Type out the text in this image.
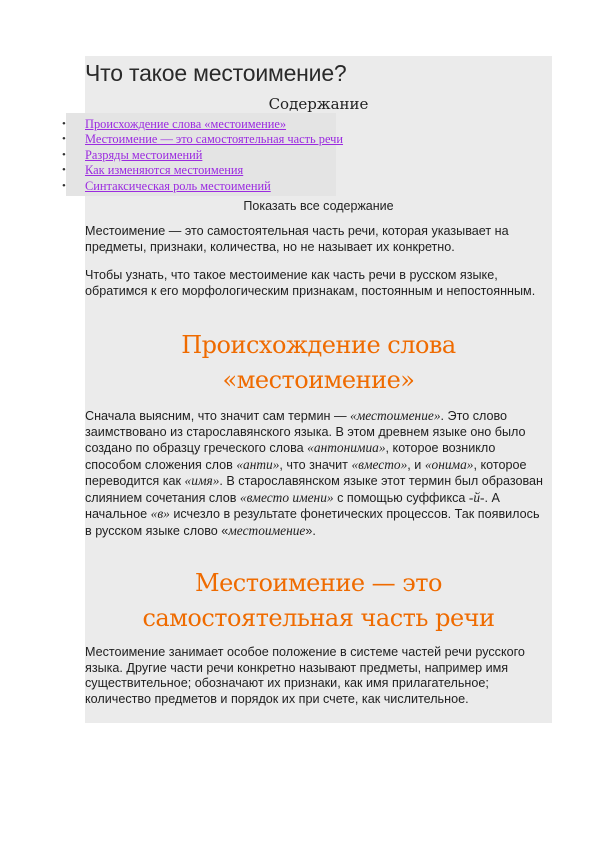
Что такое местоимение?
Содержание
• Происхождение слова «местоимение»
• Местоимение — это самостоятельная часть речи
• Разряды местоимений
• Как изменяются местоимения
• Синтаксическая роль местоимений

Показать все содержание

Местоимение — это самостоятельная часть речи, которая указывает на предметы, признаки, количества, но не называет их конкретно.

Чтобы узнать, что такое местоимение как часть речи в русском языке, обратимся к его морфологическим признакам, постоянным и непостоянным.

Происхождение слова
«местоимение»

Сначала выясним, что значит сам термин — «местоимение». Это слово заимствовано из старославянского языка. В этом древнем языке оно было создано по образцу греческого слова «антонимиа», которое возникло способом сложения слов «анти», что значит «вместо», и «онима», которое переводится как «имя». В старославянском языке этот термин был образован слиянием сочетания слов «вместо имени» с помощью суффикса -й-. А начальное «в» исчезло в результате фонетических процессов. Так появилось в русском языке слово «местоимение».

Местоимение — это
самостоятельная часть речи

Местоимение занимает особое положение в системе частей речи русского языка. Другие части речи конкретно называют предметы, например имя существительное; обозначают их признаки, как имя прилагательное; количество предметов и порядок их при счете, как числительное.
